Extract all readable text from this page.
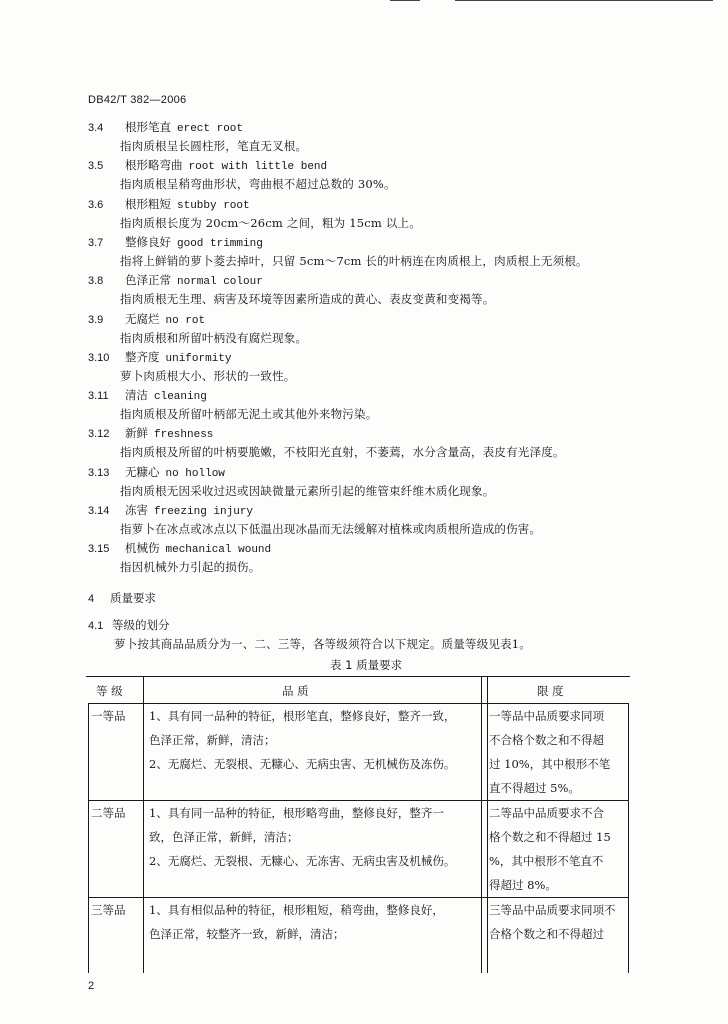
DB42/T 382—2006
3.4 根形笔直 erect root
指肉质根呈长圆柱形，笔直无叉根。
3.5 根形略弯曲 root with little bend
指肉质根呈稍弯曲形状，弯曲根不超过总数的 30%。
3.6 根形粗短 stubby root
指肉质根长度为 20cm～26cm 之间，粗为 15cm 以上。
3.7 整修良好 good trimming
指将上鲜销的萝卜菱去掉叶，只留 5cm～7cm 长的叶柄连在肉质根上，肉质根上无须根。
3.8 色泽正常 normal colour
指肉质根无生理、病害及环境等因素所造成的黄心、表皮变黄和变褐等。
3.9 无腐烂 no rot
指肉质根和所留叶柄没有腐烂现象。
3.10 整齐度 uniformity
萝卜肉质根大小、形状的一致性。
3.11 清洁 cleaning
指肉质根及所留叶柄部无泥土或其他外来物污染。
3.12 新鲜 freshness
指肉质根及所留的叶柄要脆嫩，不枝阳光直射，不萎蔫，水分含量高，表皮有光泽度。
3.13 无糠心 no hollow
指肉质根无因采收过迟或因缺微量元素所引起的维管束纤维木质化现象。
3.14 冻害 freezing injury
指萝卜在冰点或冰点以下低温出现冰晶而无法缓解对植株或肉质根所造成的伤害。
3.15 机械伤 mechanical wound
指因机械外力引起的损伤。
4 质量要求
4.1 等级的划分
萝卜按其商品品质分为一、二、三等，各等级须符合以下规定。质量等级见表1。
表 1 质量要求
等 级	品 质	限 度
一等品 1、具有同一品种的特征，根形笔直，整修良好，整齐一致，
色泽正常，新鲜，清洁；
2、无腐烂、无裂根、无糠心、无病虫害、无机械伤及冻伤。
一等品中品质要求同项
不合格个数之和不得超
过 10%，其中根形不笔
直不得超过 5%。
二等品 1、具有同一品种的特征，根形略弯曲，整修良好，整齐一
致，色泽正常，新鲜，清洁；
2、无腐烂、无裂根、无糠心、无冻害、无病虫害及机械伤。
二等品中品质要求不合
格个数之和不得超过 15
%，其中根形不笔直不
得超过 8%。
三等品 1、具有相似品种的特征，根形粗短，稍弯曲，整修良好，
色泽正常，较整齐一致，新鲜，清洁；
三等品中品质要求同项不
合格个数之和不得超过
2
